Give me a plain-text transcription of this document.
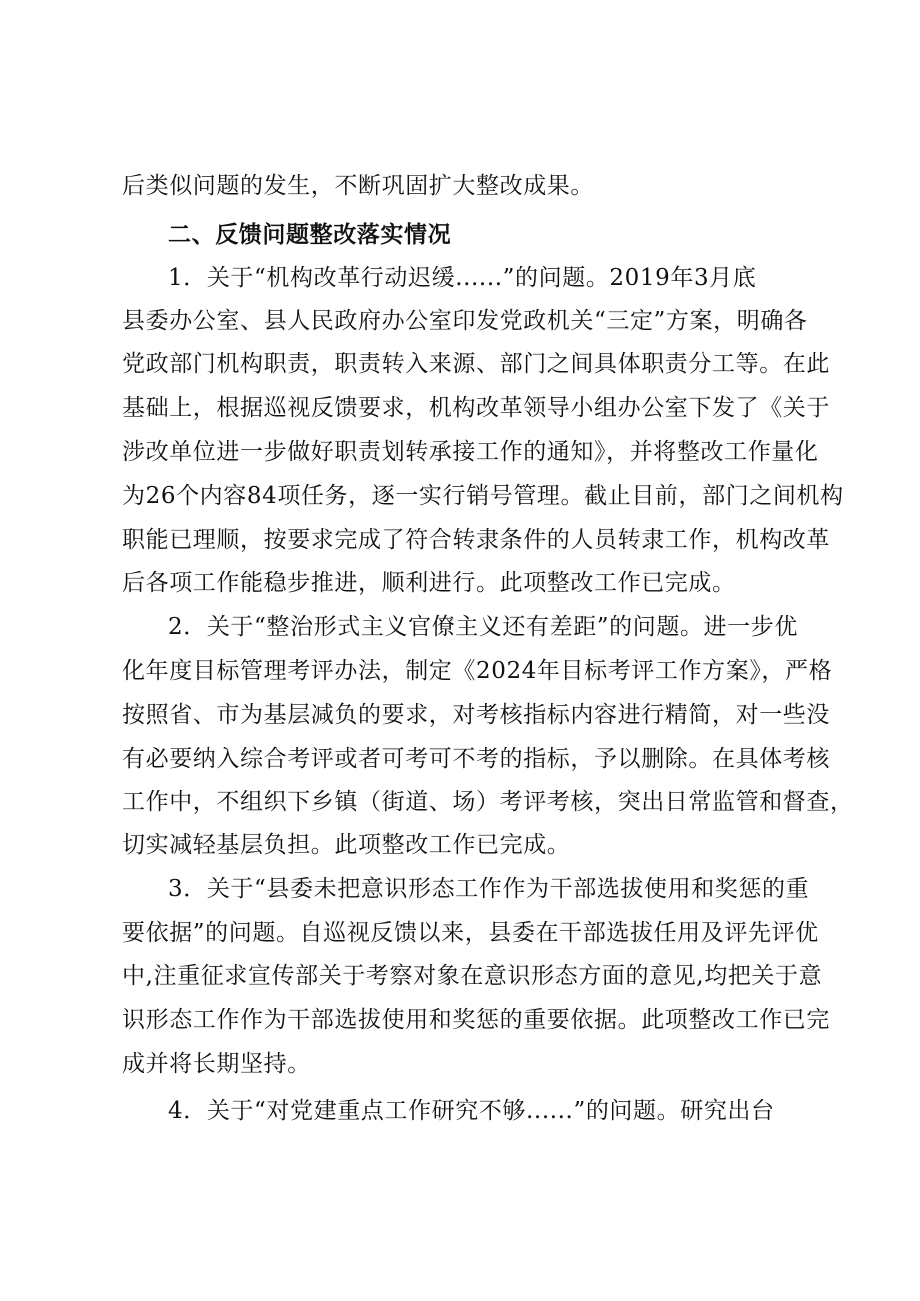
后类似问题的发生，不断巩固扩大整改成果。
二、反馈问题整改落实情况
1．关于“机构改革行动迟缓......”的问题。2019年3月底
县委办公室、县人民政府办公室印发党政机关“三定”方案，明确各
党政部门机构职责，职责转入来源、部门之间具体职责分工等。在此
基础上，根据巡视反馈要求，机构改革领导小组办公室下发了《关于
涉改单位进一步做好职责划转承接工作的通知》，并将整改工作量化
为26个内容84项任务，逐一实行销号管理。截止目前，部门之间机构
职能已理顺，按要求完成了符合转隶条件的人员转隶工作，机构改革
后各项工作能稳步推进，顺利进行。此项整改工作已完成。
2．关于“整治形式主义官僚主义还有差距”的问题。进一步优
化年度目标管理考评办法，制定《2024年目标考评工作方案》，严格
按照省、市为基层减负的要求，对考核指标内容进行精简，对一些没
有必要纳入综合考评或者可考可不考的指标，予以删除。在具体考核
工作中，不组织下乡镇（街道、场）考评考核，突出日常监管和督查，
切实减轻基层负担。此项整改工作已完成。
3．关于“县委未把意识形态工作作为干部选拔使用和奖惩的重
要依据”的问题。自巡视反馈以来，县委在干部选拔任用及评先评优
中,注重征求宣传部关于考察对象在意识形态方面的意见,均把关于意
识形态工作作为干部选拔使用和奖惩的重要依据。此项整改工作已完
成并将长期坚持。
4．关于“对党建重点工作研究不够......”的问题。研究出台
